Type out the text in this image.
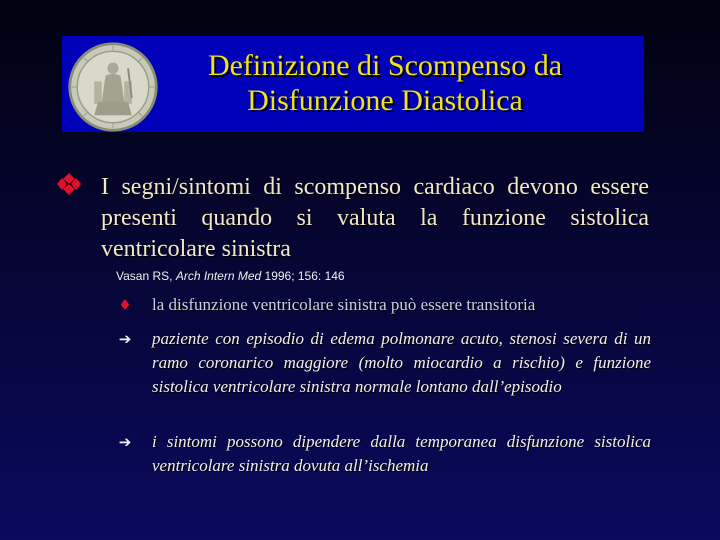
Definizione di Scompenso da Disfunzione Diastolica
I segni/sintomi di scompenso cardiaco devono essere presenti quando si valuta la funzione sistolica ventricolare sinistra
Vasan RS, Arch Intern Med 1996; 156: 146
♦ la disfunzione ventricolare sinistra può essere transitoria
➔ paziente con episodio di edema polmonare acuto, stenosi severa di un ramo coronarico maggiore (molto miocardio a rischio) e funzione sistolica ventricolare sinistra normale lontano dall’episodio
➔ i sintomi possono dipendere dalla temporanea disfunzione sistolica ventricolare sinistra dovuta all’ischemia
